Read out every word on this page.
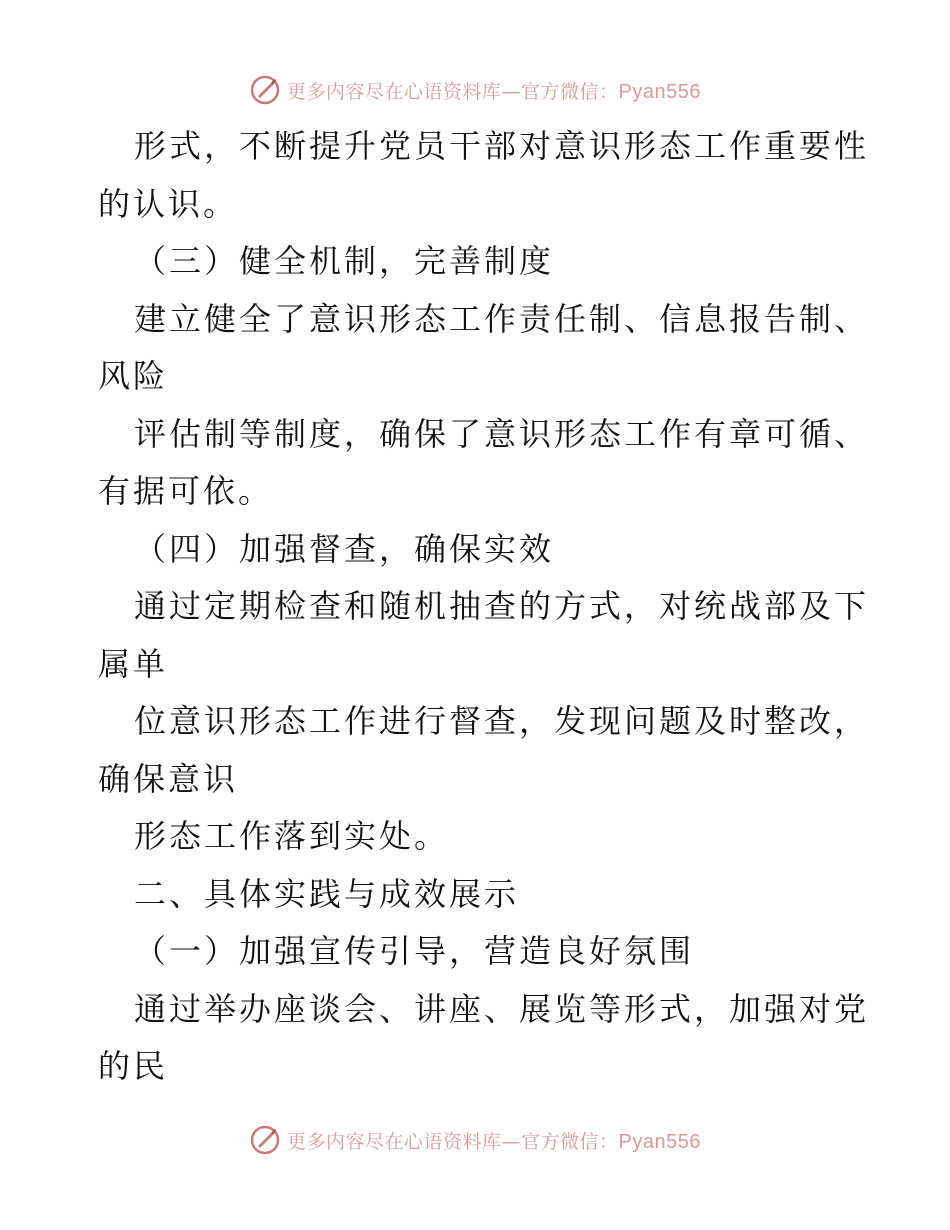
更多内容尽在心语资料库—官方微信：Pyan556
形式，不断提升党员干部对意识形态工作重要性
的认识。
（三）健全机制，完善制度
建立健全了意识形态工作责任制、信息报告制、
风险
评估制等制度，确保了意识形态工作有章可循、
有据可依。
（四）加强督查，确保实效
通过定期检查和随机抽查的方式，对统战部及下
属单
位意识形态工作进行督查，发现问题及时整改，
确保意识
形态工作落到实处。
二、具体实践与成效展示
（一）加强宣传引导，营造良好氛围
通过举办座谈会、讲座、展览等形式，加强对党
的民
更多内容尽在心语资料库—官方微信：Pyan556
